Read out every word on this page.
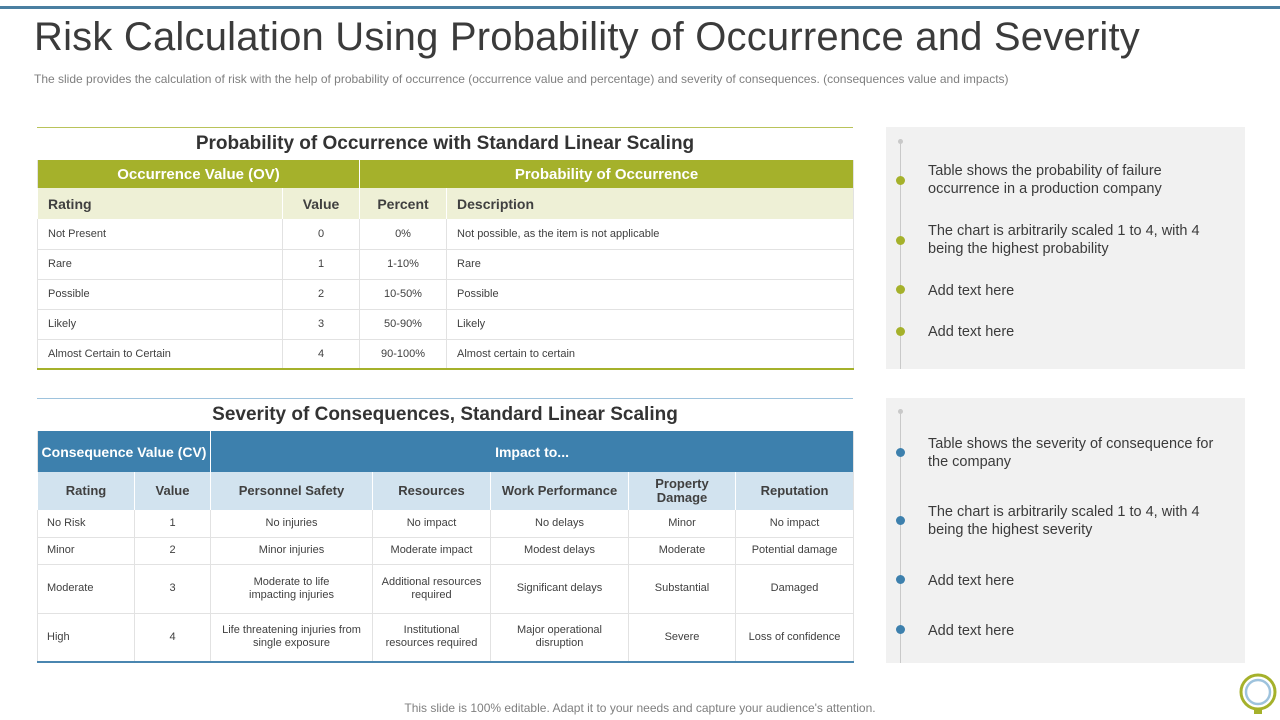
Risk Calculation Using Probability of Occurrence and Severity

The slide provides the calculation of risk with the help of probability of occurrence (occurrence value and percentage) and severity of consequences. (consequences value and impacts)

Probability of Occurrence with Standard Linear Scaling
Occurrence Value (OV)		Probability of Occurrence	
Rating	Value	Percent	Description
Not Present	0	0%	Not possible, as the item is not applicable
Rare	1	1-10%	Rare
Possible	2	10-50%	Possible
Likely	3	50-90%	Likely
Almost Certain to Certain	4	90-100%	Almost certain to certain
Severity of Consequences, Standard Linear Scaling
Consequence Value (CV)		Impact to...				
Rating	Value	Personnel Safety	Resources	Work Performance	Property Damage	Reputation
No Risk	1	No injuries	No impact	No delays	Minor	No impact
Minor	2	Minor injuries	Moderate impact	Modest delays	Moderate	Potential damage
Moderate	3	Moderate to life impacting injuries	Additional resources required	Significant delays	Substantial	Damaged
High	4	Life threatening injuries from single exposure	Institutional resources required	Major operational disruption	Severe	Loss of confidence
Table shows the probability of failure occurrence in a production company
The chart is arbitrarily scaled 1 to 4, with 4 being the highest probability
Add text here
Add text here
Table shows the severity of consequence for the company
The chart is arbitrarily scaled 1 to 4, with 4 being the highest severity
Add text here
Add text here
This slide is 100% editable. Adapt it to your needs and capture your audience's attention.
